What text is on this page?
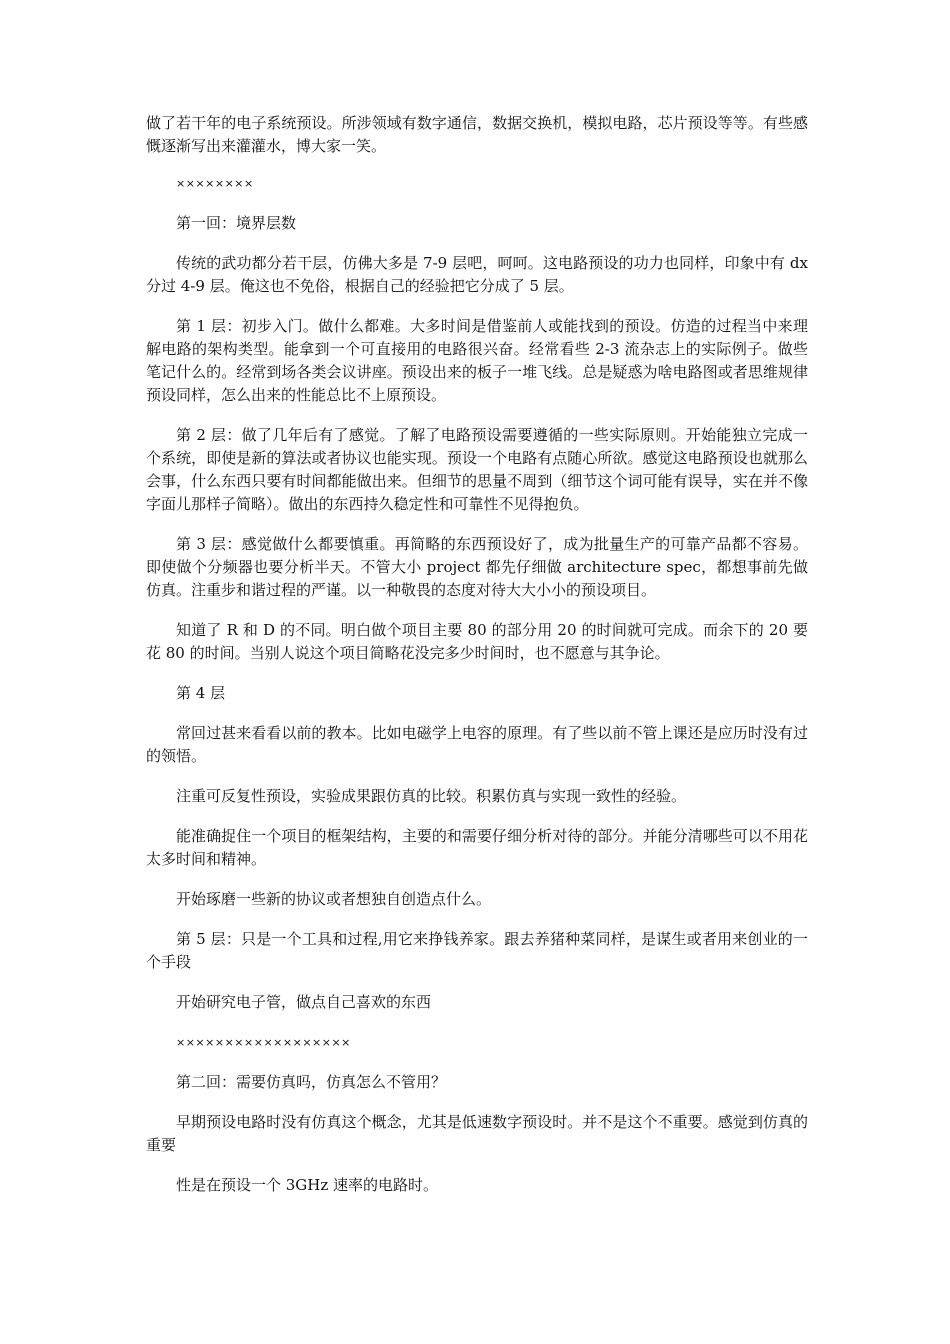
做了若干年的电子系统预设。所涉领域有数字通信，数据交换机，模拟电路，芯片预设等等。有些感慨逐渐写出来灌灌水，博大家一笑。

××××××××

第一回：境界层数

传统的武功都分若干层，仿佛大多是 7-9 层吧，呵呵。这电路预设的功力也同样，印象中有 dx 分过 4-9 层。俺这也不免俗，根据自己的经验把它分成了 5 层。

第 1 层：初步入门。做什么都难。大多时间是借鉴前人或能找到的预设。仿造的过程当中来理解电路的架构类型。能拿到一个可直接用的电路很兴奋。经常看些 2-3 流杂志上的实际例子。做些笔记什么的。经常到场各类会议讲座。预设出来的板子一堆飞线。总是疑惑为啥电路图或者思维规律预设同样，怎么出来的性能总比不上原预设。

第 2 层：做了几年后有了感觉。了解了电路预设需要遵循的一些实际原则。开始能独立完成一个系统，即使是新的算法或者协议也能实现。预设一个电路有点随心所欲。感觉这电路预设也就那么会事，什么东西只要有时间都能做出来。但细节的思量不周到（细节这个词可能有误导，实在并不像字面儿那样子简略）。做出的东西持久稳定性和可靠性不见得抱负。

第 3 层：感觉做什么都要慎重。再简略的东西预设好了，成为批量生产的可靠产品都不容易。即使做个分频器也要分析半天。不管大小 project 都先仔细做 architecture spec，都想事前先做仿真。注重步和谐过程的严谨。以一种敬畏的态度对待大大小小的预设项目。

知道了 R 和 D 的不同。明白做个项目主要 80 的部分用 20 的时间就可完成。而余下的 20 要花 80 的时间。当别人说这个项目简略花没完多少时间时，也不愿意与其争论。

第 4 层

常回过甚来看看以前的教本。比如电磁学上电容的原理。有了些以前不管上课还是应历时没有过的领悟。

注重可反复性预设，实验成果跟仿真的比较。积累仿真与实现一致性的经验。

能准确捉住一个项目的框架结构，主要的和需要仔细分析对待的部分。并能分清哪些可以不用花太多时间和精神。

开始琢磨一些新的协议或者想独自创造点什么。

第 5 层：只是一个工具和过程,用它来挣钱养家。跟去养猪种菜同样，是谋生或者用来创业的一个手段

开始研究电子管，做点自己喜欢的东西

××××××××××××××××××

第二回：需要仿真吗，仿真怎么不管用？

早期预设电路时没有仿真这个概念，尤其是低速数字预设时。并不是这个不重要。感觉到仿真的重要

性是在预设一个 3GHz 速率的电路时。
